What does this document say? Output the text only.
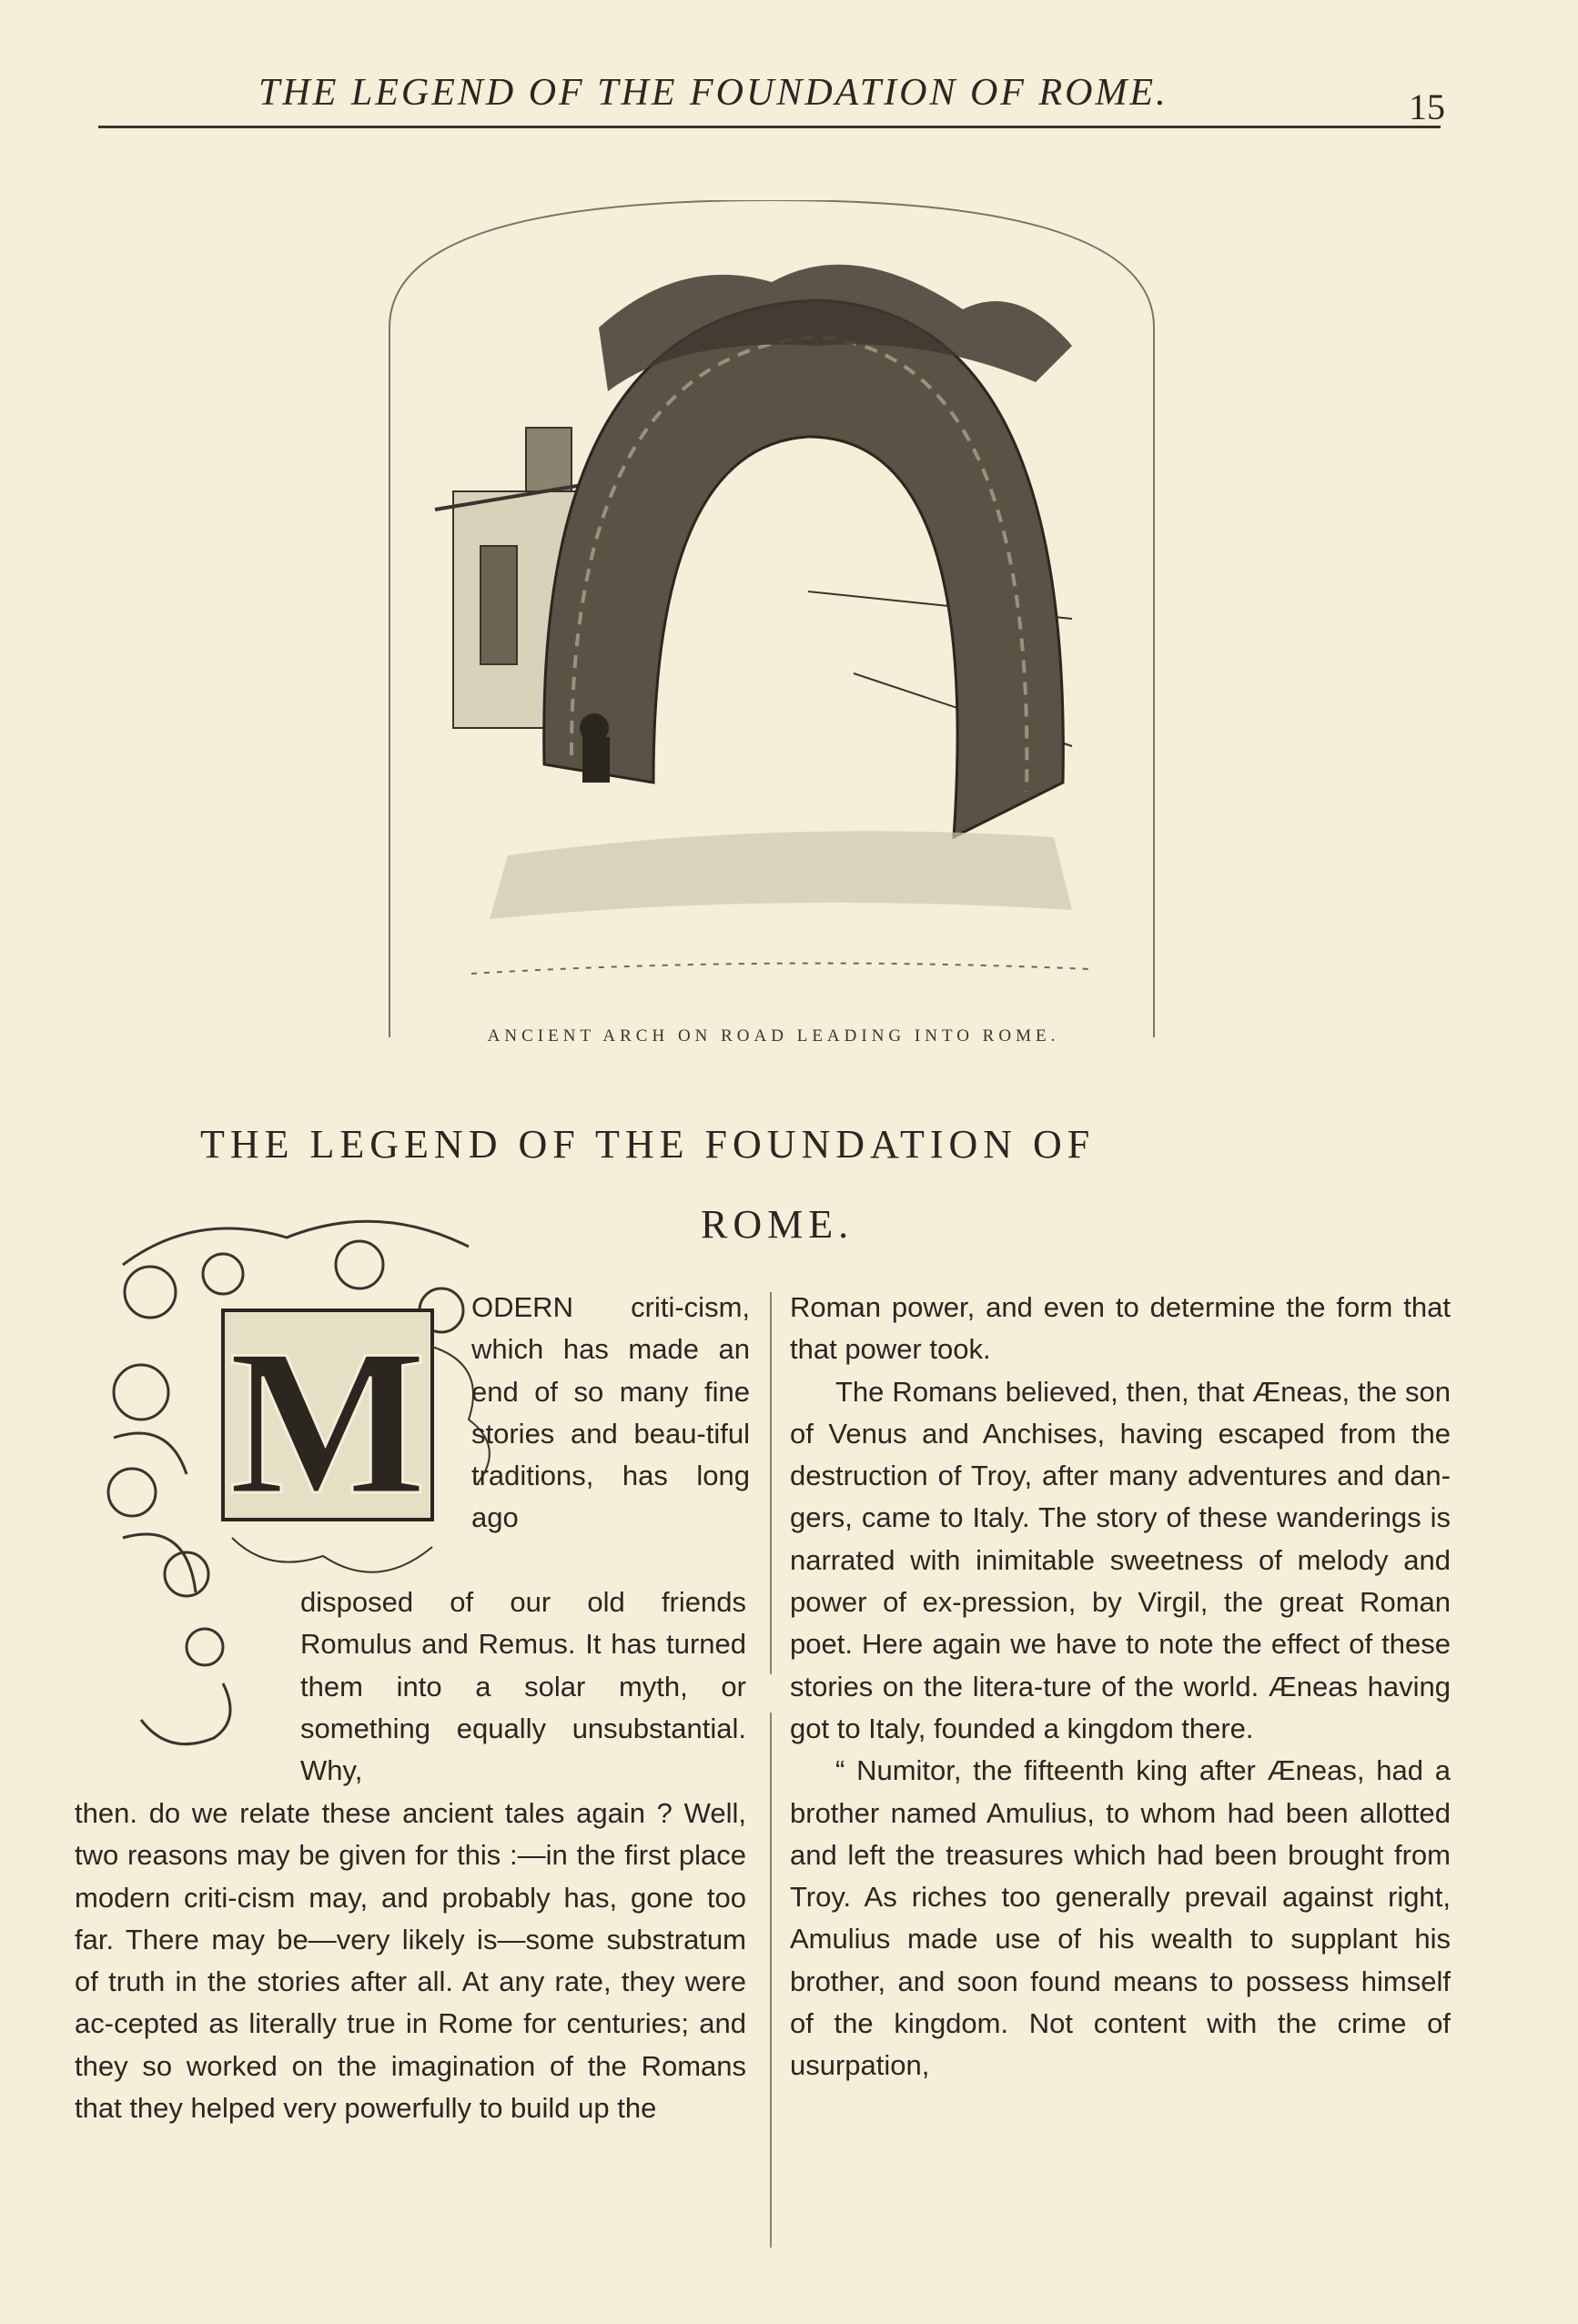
THE LEGEND OF THE FOUNDATION OF ROME.	15
ANCIENT ARCH ON ROAD LEADING INTO ROME.
THE LEGEND OF THE FOUNDATION OF
ROME.
M ODERN criti-cism, which has made an end of so many fine stories and beau-tiful traditions, has long ago

disposed of our old friends Romulus and Remus. It has turned them into a solar myth, or something equally unsubstantial. Why,

then. do we relate these ancient tales again ? Well, two reasons may be given for this :—in the first place modern criti-cism may, and probably has, gone too far. There may be—very likely is—some substratum of truth in the stories after all. At any rate, they were ac-cepted as literally true in Rome for centuries; and they so worked on the imagination of the Romans that they helped very powerfully to build up the

Roman power, and even to determine the form that that power took.

The Romans believed, then, that Æneas, the son of Venus and Anchises, having escaped from the destruction of Troy, after many adventures and dan-gers, came to Italy. The story of these wanderings is narrated with inimitable sweetness of melody and power of ex-pression, by Virgil, the great Roman poet. Here again we have to note the effect of these stories on the litera-ture of the world. Æneas having got to Italy, founded a kingdom there.

“ Numitor, the fifteenth king after Æneas, had a brother named Amulius, to whom had been allotted and left the treasures which had been brought from Troy. As riches too generally prevail against right, Amulius made use of his wealth to supplant his brother, and soon found means to possess himself of the kingdom. Not content with the crime of usurpation,
